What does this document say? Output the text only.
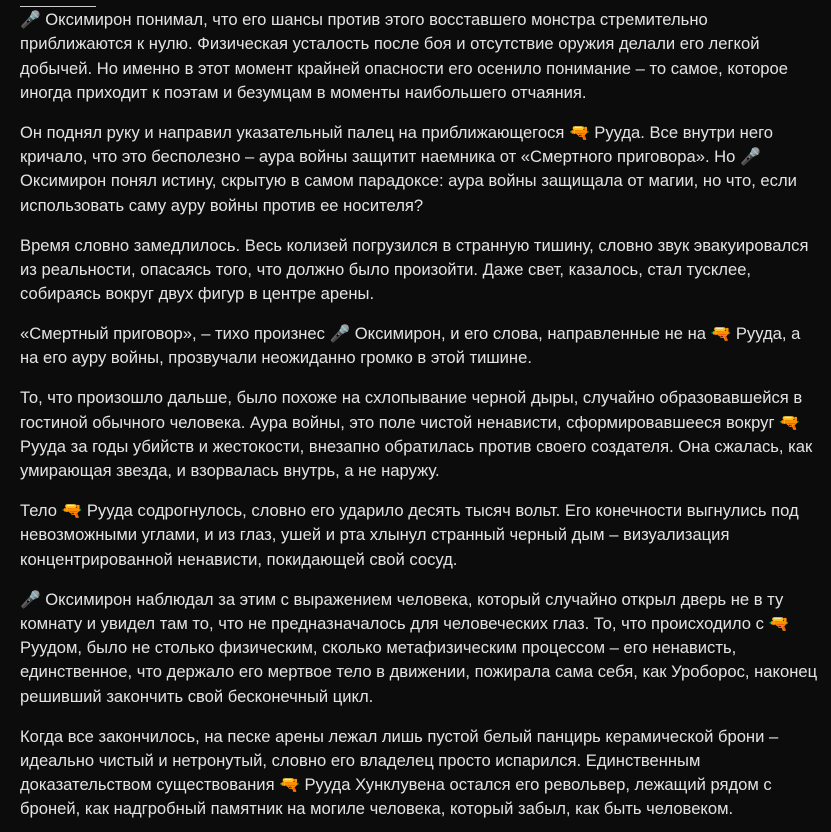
🎤 Оксимирон понимал, что его шансы против этого восставшего монстра стремительно приближаются к нулю. Физическая усталость после боя и отсутствие оружия делали его легкой добычей. Но именно в этот момент крайней опасности его осенило понимание – то самое, которое иногда приходит к поэтам и безумцам в моменты наибольшего отчаяния.

Он поднял руку и направил указательный палец на приближающегося 🔫 Рууда. Все внутри него кричало, что это бесполезно – аура войны защитит наемника от «Смертного приговора». Но 🎤 Оксимирон понял истину, скрытую в самом парадоксе: аура войны защищала от магии, но что, если использовать саму ауру войны против ее носителя?

Время словно замедлилось. Весь колизей погрузился в странную тишину, словно звук эвакуировался из реальности, опасаясь того, что должно было произойти. Даже свет, казалось, стал тусклее, собираясь вокруг двух фигур в центре арены.

«Смертный приговор», – тихо произнес 🎤 Оксимирон, и его слова, направленные не на 🔫 Рууда, а на его ауру войны, прозвучали неожиданно громко в этой тишине.

То, что произошло дальше, было похоже на схлопывание черной дыры, случайно образовавшейся в гостиной обычного человека. Аура войны, это поле чистой ненависти, сформировавшееся вокруг 🔫 Рууда за годы убийств и жестокости, внезапно обратилась против своего создателя. Она сжалась, как умирающая звезда, и взорвалась внутрь, а не наружу.

Тело 🔫 Рууда содрогнулось, словно его ударило десять тысяч вольт. Его конечности выгнулись под невозможными углами, и из глаз, ушей и рта хлынул странный черный дым – визуализация концентрированной ненависти, покидающей свой сосуд.

🎤 Оксимирон наблюдал за этим с выражением человека, который случайно открыл дверь не в ту комнату и увидел там то, что не предназначалось для человеческих глаз. То, что происходило с 🔫 Руудом, было не столько физическим, сколько метафизическим процессом – его ненависть, единственное, что держало его мертвое тело в движении, пожирала сама себя, как Уроборос, наконец решивший закончить свой бесконечный цикл.

Когда все закончилось, на песке арены лежал лишь пустой белый панцирь керамической брони – идеально чистый и нетронутый, словно его владелец просто испарился. Единственным доказательством существования 🔫 Рууда Хунклувена остался его револьвер, лежащий рядом с броней, как надгробный памятник на могиле человека, который забыл, как быть человеком.
